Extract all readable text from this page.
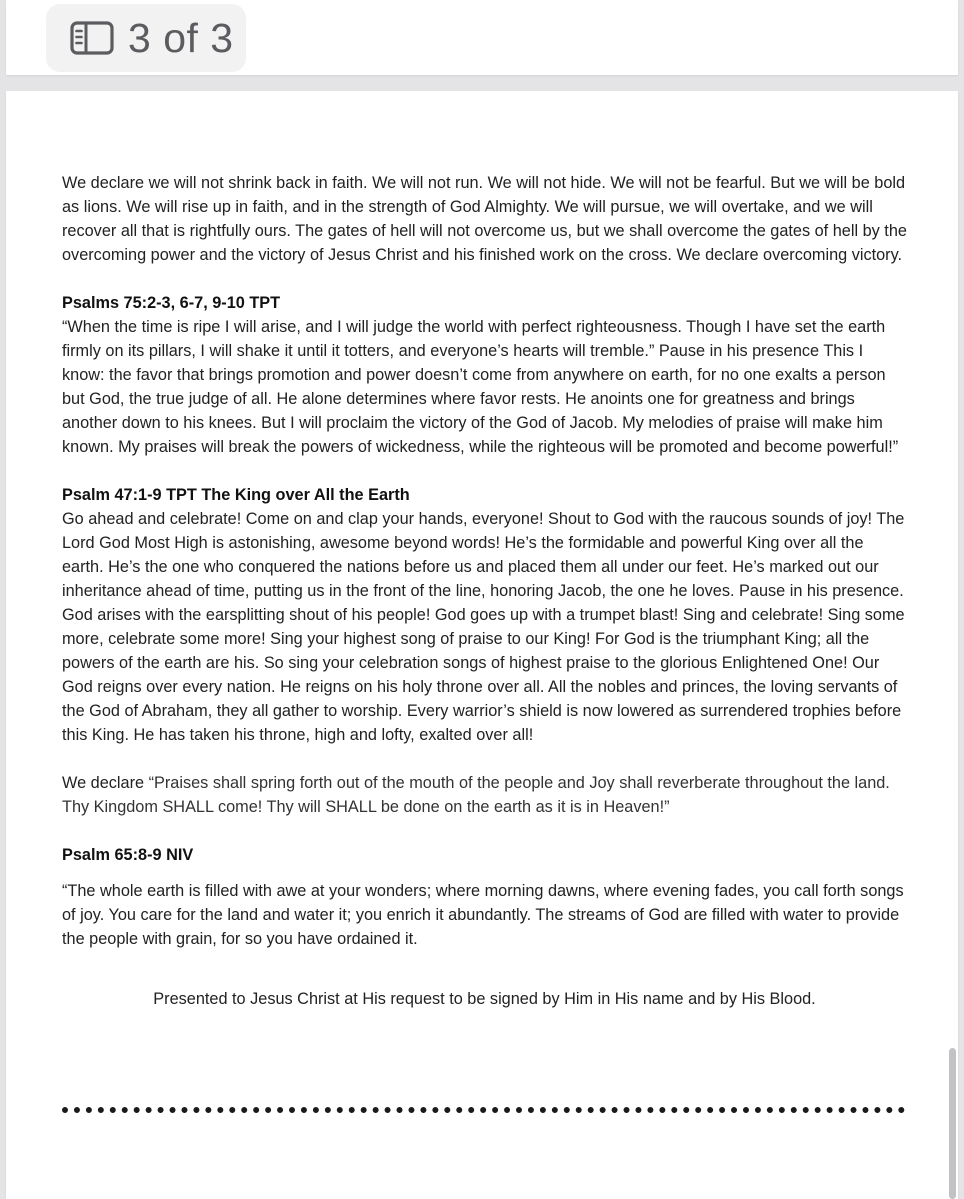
3 of 3

We declare we will not shrink back in faith. We will not run. We will not hide. We will not be fearful. But we will be bold as lions. We will rise up in faith, and in the strength of God Almighty. We will pursue, we will overtake, and we will recover all that is rightfully ours. The gates of hell will not overcome us, but we shall overcome the gates of hell by the overcoming power and the victory of Jesus Christ and his finished work on the cross. We declare overcoming victory.

Psalms 75:2-3, 6-7, 9-10 TPT

“When the time is ripe I will arise, and I will judge the world with perfect righteousness. Though I have set the earth firmly on its pillars, I will shake it until it totters, and everyone’s hearts will tremble.” Pause in his presence This I know: the favor that brings promotion and power doesn’t come from anywhere on earth, for no one exalts a person but God, the true judge of all. He alone determines where favor rests. He anoints one for greatness and brings another down to his knees. But I will proclaim the victory of the God of Jacob. My melodies of praise will make him known. My praises will break the powers of wickedness, while the righteous will be promoted and become powerful!”

Psalm 47:1-9 TPT The King over All the Earth

Go ahead and celebrate! Come on and clap your hands, everyone! Shout to God with the raucous sounds of joy! The Lord God Most High is astonishing, awesome beyond words! He’s the formidable and powerful King over all the earth. He’s the one who conquered the nations before us and placed them all under our feet. He’s marked out our inheritance ahead of time, putting us in the front of the line, honoring Jacob, the one he loves. Pause in his presence. God arises with the earsplitting shout of his people! God goes up with a trumpet blast! Sing and celebrate! Sing some more, celebrate some more! Sing your highest song of praise to our King! For God is the triumphant King; all the powers of the earth are his. So sing your celebration songs of highest praise to the glorious Enlightened One! Our God reigns over every nation. He reigns on his holy throne over all. All the nobles and princes, the loving servants of the God of Abraham, they all gather to worship. Every warrior’s shield is now lowered as surrendered trophies before this King. He has taken his throne, high and lofty, exalted over all!

We declare “Praises shall spring forth out of the mouth of the people and Joy shall reverberate throughout the land. Thy Kingdom SHALL come! Thy will SHALL be done on the earth as it is in Heaven!”

Psalm 65:8-9 NIV

“The whole earth is filled with awe at your wonders; where morning dawns, where evening fades, you call forth songs of joy. You care for the land and water it; you enrich it abundantly. The streams of God are filled with water to provide the people with grain, for so you have ordained it.

Presented to Jesus Christ at His request to be signed by Him in His name and by His Blood.
